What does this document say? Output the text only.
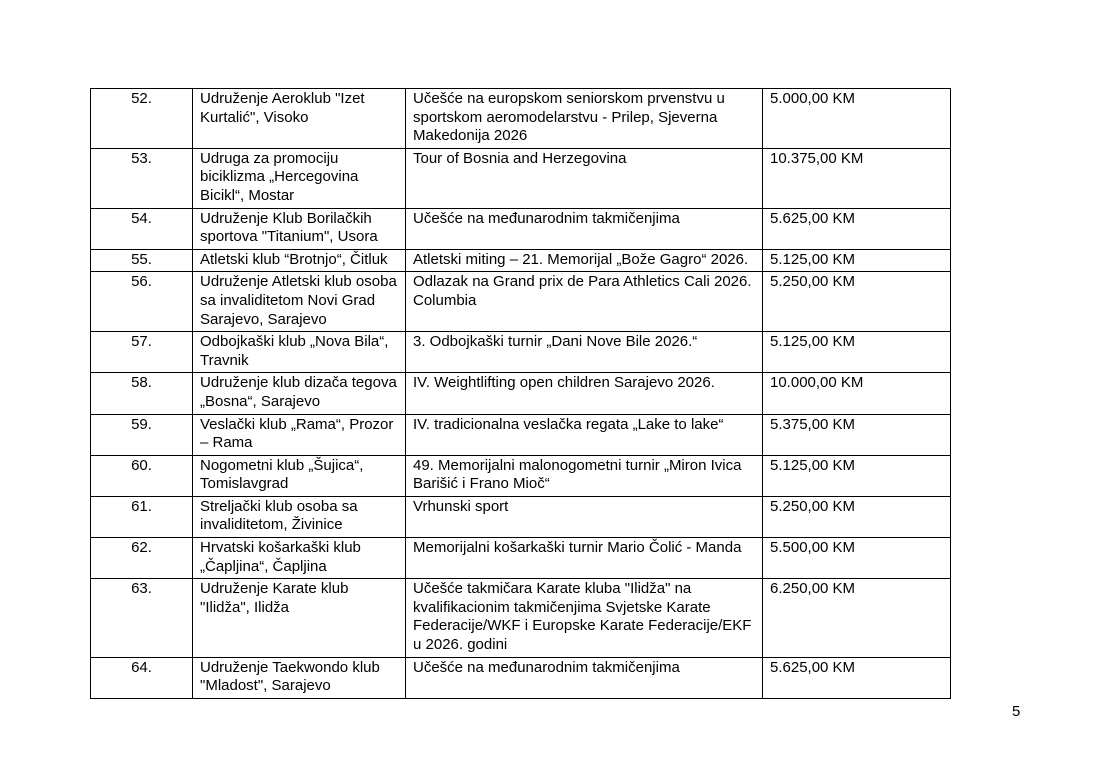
52.	Udruženje Aeroklub "Izet Kurtalić", Visoko	Učešće na europskom seniorskom prvenstvu u sportskom aeromodelarstvu - Prilep, Sjeverna Makedonija 2026	5.000,00 KM
53.	Udruga za promociju biciklizma „Hercegovina Bicikl“, Mostar	Tour of Bosnia and Herzegovina	10.375,00 KM
54.	Udruženje Klub Borilačkih sportova "Titanium", Usora	Učešće na međunarodnim takmičenjima	5.625,00 KM
55.	Atletski klub “Brotnjo“, Čitluk	Atletski miting – 21. Memorijal „Bože Gagro“ 2026.	5.125,00 KM
56.	Udruženje Atletski klub osoba sa invaliditetom Novi Grad Sarajevo, Sarajevo	Odlazak na Grand prix de Para Athletics Cali 2026. Columbia	5.250,00 KM
57.	Odbojkaški klub „Nova Bila“, Travnik	3. Odbojkaški turnir „Dani Nove Bile 2026.“	5.125,00 KM
58.	Udruženje klub dizača tegova „Bosna“, Sarajevo	IV. Weightlifting open children Sarajevo 2026.	10.000,00 KM
59.	Veslački klub „Rama“, Prozor – Rama	IV. tradicionalna veslačka regata „Lake to lake“	5.375,00 KM
60.	Nogometni klub „Šujica“, Tomislavgrad	49. Memorijalni malonogometni turnir „Miron Ivica Barišić i Frano Mioč“	5.125,00 KM
61.	Streljački klub osoba sa invaliditetom, Živinice	Vrhunski sport	5.250,00 KM
62.	Hrvatski košarkaški klub „Čapljina“, Čapljina	Memorijalni košarkaški turnir Mario Čolić - Manda	5.500,00 KM
63.	Udruženje Karate klub "Ilidža", Ilidža	Učešće takmičara Karate kluba "Ilidža" na kvalifikacionim takmičenjima Svjetske Karate Federacije/WKF i Europske Karate Federacije/EKF u 2026. godini	6.250,00 KM
64.	Udruženje Taekwondo klub "Mladost", Sarajevo	Učešće na međunarodnim takmičenjima	5.625,00 KM
5
